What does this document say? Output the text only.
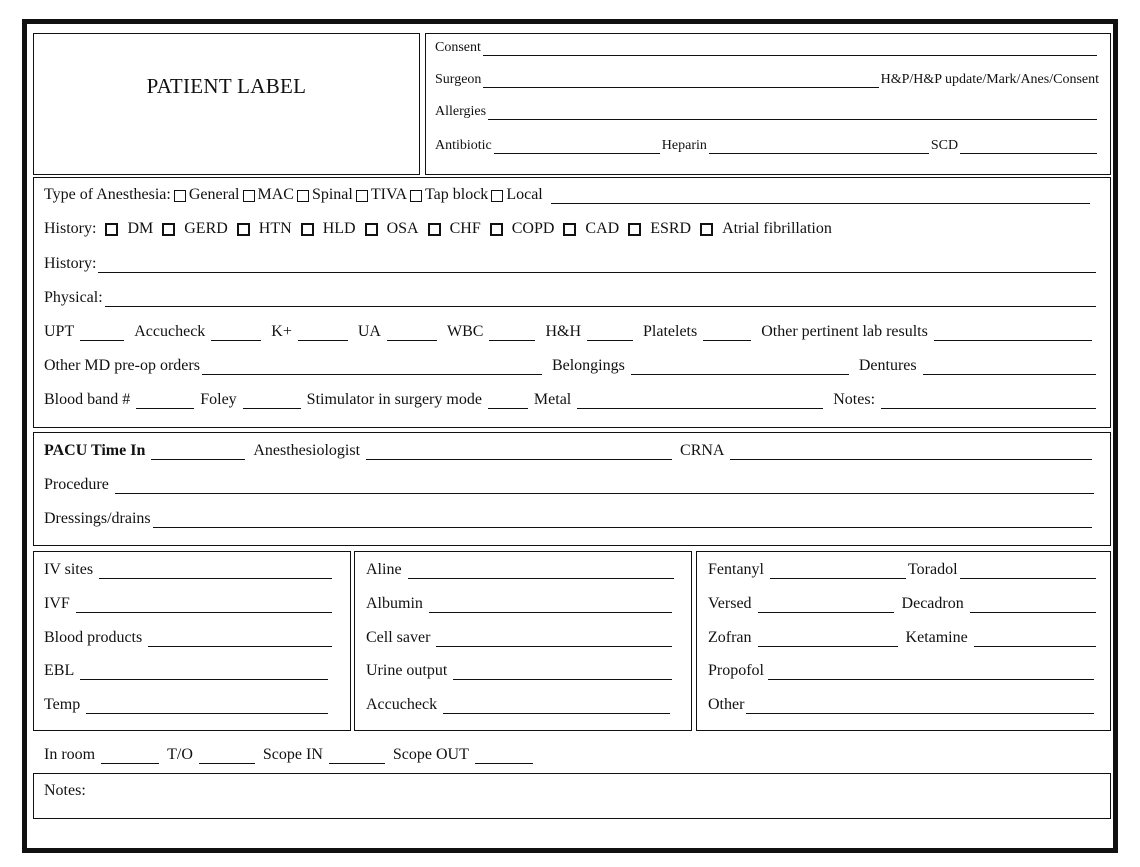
PATIENT LABEL
Consent
Surgeon	H&P/H&P update/Mark/Anes/Consent
Allergies
Antibiotic	Heparin	SCD
Type of Anesthesia: General MAC Spinal TIVA Tap block Local
History: DM GERD HTN HLD OSA CHF COPD CAD ESRD Atrial fibrillation
History:
Physical:
UPT	Accucheck	K+	UA	WBC	H&H	Platelets	Other pertinent lab results
Other MD pre-op orders	Belongings	Dentures
Blood band #	Foley	Stimulator in surgery mode	Metal	Notes:
PACU Time In	Anesthesiologist	CRNA
Procedure
Dressings/drains
IV sites
IVF
Blood products
EBL
Temp
Aline
Albumin
Cell saver
Urine output
Accucheck
Fentanyl	Toradol
Versed	Decadron
Zofran	Ketamine
Propofol
Other
In room	T/O	Scope IN	Scope OUT
Notes:
